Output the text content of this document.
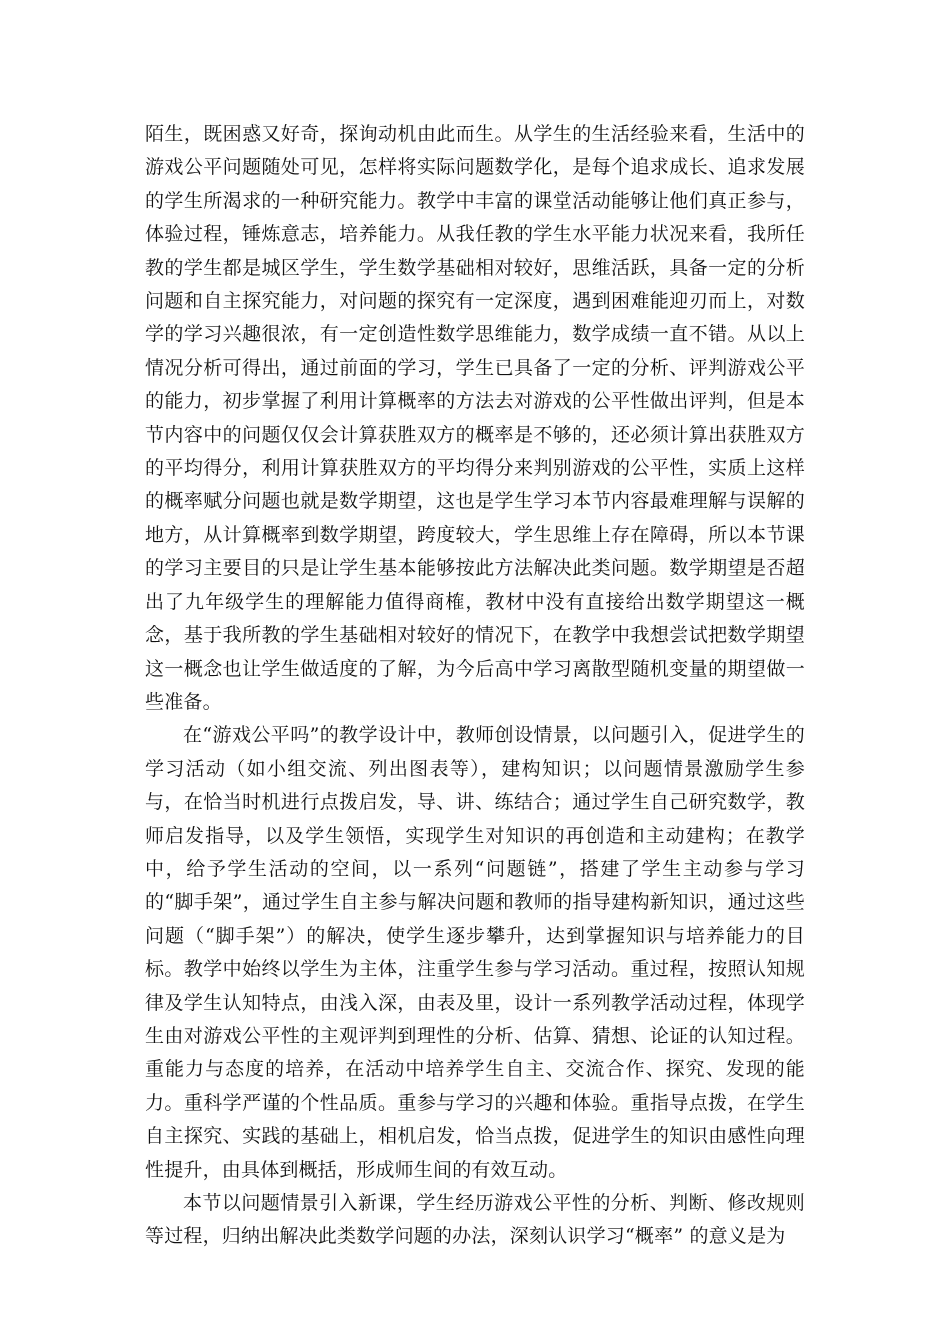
陌生，既困惑又好奇，探询动机由此而生。从学生的生活经验来看，生活中的游戏公平问题随处可见，怎样将实际问题数学化，是每个追求成长、追求发展的学生所渴求的一种研究能力。教学中丰富的课堂活动能够让他们真正参与，体验过程，锤炼意志，培养能力。从我任教的学生水平能力状况来看，我所任教的学生都是城区学生，学生数学基础相对较好，思维活跃，具备一定的分析问题和自主探究能力，对问题的探究有一定深度，遇到困难能迎刃而上，对数学的学习兴趣很浓，有一定创造性数学思维能力，数学成绩一直不错。从以上情况分析可得出，通过前面的学习，学生已具备了一定的分析、评判游戏公平的能力，初步掌握了利用计算概率的方法去对游戏的公平性做出评判，但是本节内容中的问题仅仅会计算获胜双方的概率是不够的，还必须计算出获胜双方的平均得分，利用计算获胜双方的平均得分来判别游戏的公平性，实质上这样的概率赋分问题也就是数学期望，这也是学生学习本节内容最难理解与误解的地方，从计算概率到数学期望，跨度较大，学生思维上存在障碍，所以本节课的学习主要目的只是让学生基本能够按此方法解决此类问题。数学期望是否超出了九年级学生的理解能力值得商榷，教材中没有直接给出数学期望这一概念，基于我所教的学生基础相对较好的情况下，在教学中我想尝试把数学期望这一概念也让学生做适度的了解，为今后高中学习离散型随机变量的期望做一些准备。

在“游戏公平吗”的教学设计中，教师创设情景，以问题引入，促进学生的学习活动（如小组交流、列出图表等），建构知识；以问题情景激励学生参与，在恰当时机进行点拨启发，导、讲、练结合；通过学生自己研究数学，教师启发指导，以及学生领悟，实现学生对知识的再创造和主动建构；在教学中，给予学生活动的空间，以一系列“问题链”，搭建了学生主动参与学习的“脚手架”，通过学生自主参与解决问题和教师的指导建构新知识，通过这些问题（“脚手架”）的解决，使学生逐步攀升，达到掌握知识与培养能力的目标。教学中始终以学生为主体，注重学生参与学习活动。重过程，按照认知规律及学生认知特点，由浅入深，由表及里，设计一系列教学活动过程，体现学生由对游戏公平性的主观评判到理性的分析、估算、猜想、论证的认知过程。重能力与态度的培养，在活动中培养学生自主、交流合作、探究、发现的能力。重科学严谨的个性品质。重参与学习的兴趣和体验。重指导点拨，在学生自主探究、实践的基础上，相机启发，恰当点拨，促进学生的知识由感性向理性提升，由具体到概括，形成师生间的有效互动。

本节以问题情景引入新课，学生经历游戏公平性的分析、判断、修改规则等过程，归纳出解决此类数学问题的办法，深刻认识学习“概率” 的意义是为
